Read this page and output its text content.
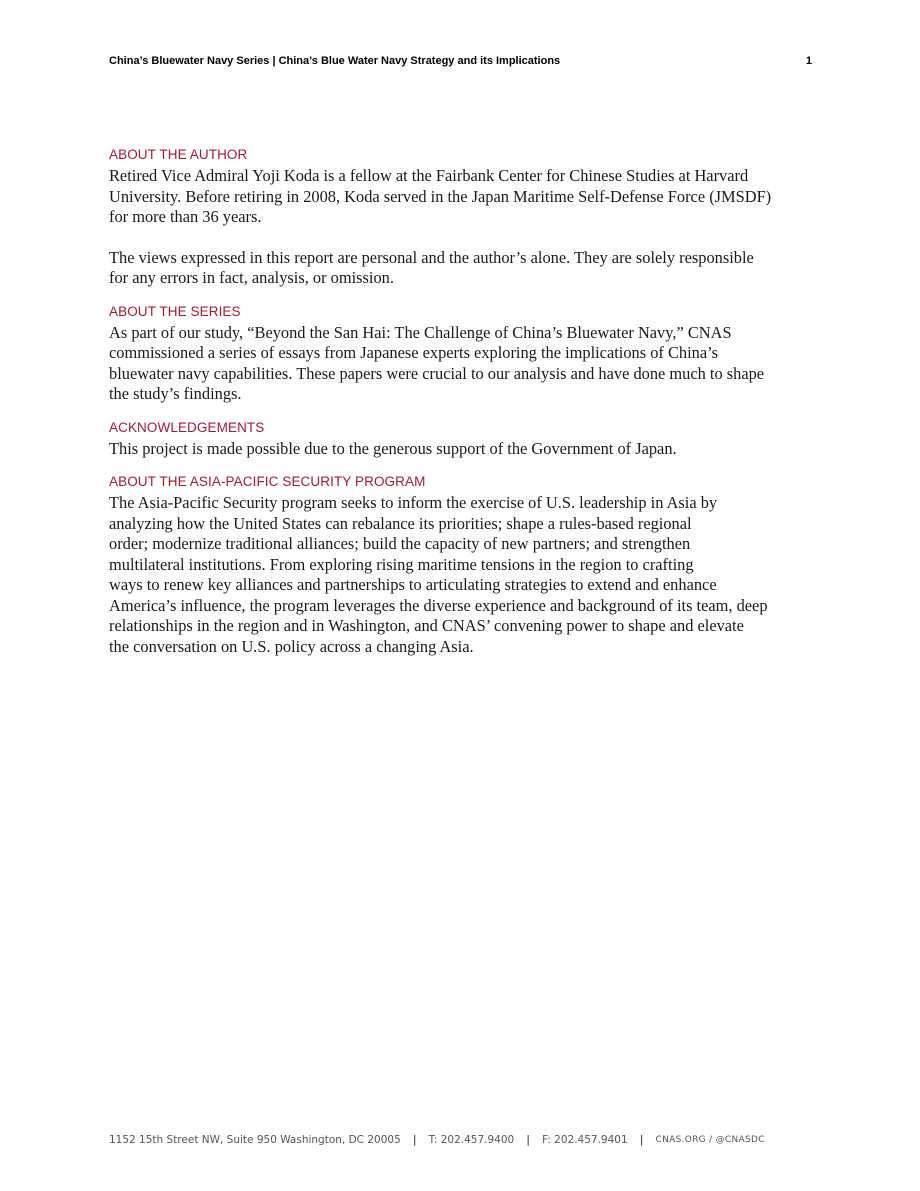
China’s Bluewater Navy Series | China’s Blue Water Navy Strategy and its Implications	1
ABOUT THE AUTHOR

Retired Vice Admiral Yoji Koda is a fellow at the Fairbank Center for Chinese Studies at Harvard
University. Before retiring in 2008, Koda served in the Japan Maritime Self-Defense Force (JMSDF)
for more than 36 years.

The views expressed in this report are personal and the author’s alone. They are solely responsible
for any errors in fact, analysis, or omission.

ABOUT THE SERIES

As part of our study, “Beyond the San Hai: The Challenge of China’s Bluewater Navy,” CNAS
commissioned a series of essays from Japanese experts exploring the implications of China’s
bluewater navy capabilities. These papers were crucial to our analysis and have done much to shape
the study’s findings.

ACKNOWLEDGEMENTS

This project is made possible due to the generous support of the Government of Japan.

ABOUT THE ASIA-PACIFIC SECURITY PROGRAM

The Asia-Pacific Security program seeks to inform the exercise of U.S. leadership in Asia by
analyzing how the United States can rebalance its priorities; shape a rules-based regional
order; modernize traditional alliances; build the capacity of new partners; and strengthen
multilateral institutions. From exploring rising maritime tensions in the region to crafting
ways to renew key alliances and partnerships to articulating strategies to extend and enhance
America’s influence, the program leverages the diverse experience and background of its team, deep
relationships in the region and in Washington, and CNAS’ convening power to shape and elevate
the conversation on U.S. policy across a changing Asia.

1152 15th Street NW, Suite 950 Washington, DC 20005 | T: 202.457.9400 | F: 202.457.9401 | CNAS.ORG / @CNASDC
